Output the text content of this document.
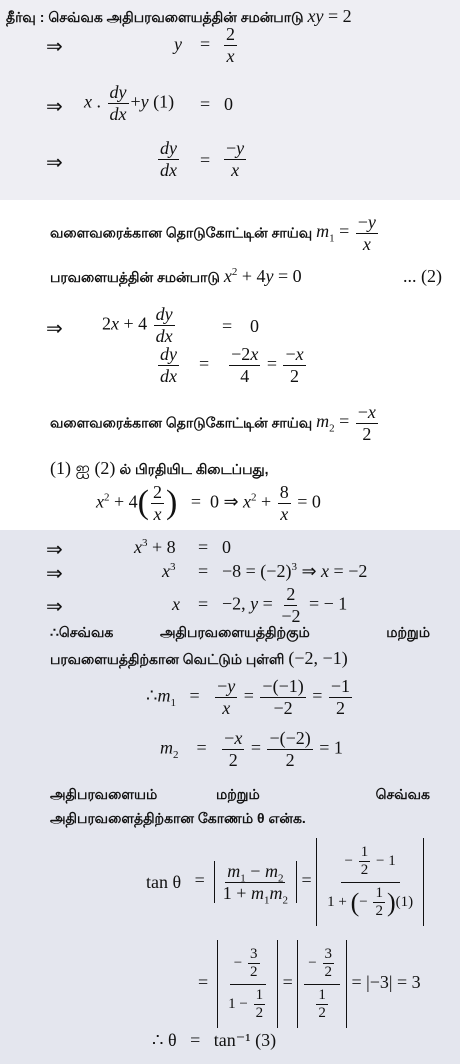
தீர்வு : செவ்வக அதிபரவளையத்தின் சமன்பாடு xy = 2
⇒	$y = \frac{2}{x}$
⇒ x . $\frac{dy}{dx} +y$ (1) = 0
⇒	$\frac{dy}{dx} = \frac{-y}{x}$
வளைவரைக்கான தொடுகோட்டின் சாய்வு $m_1 = \frac{-y}{x}$
பரவளையத்தின் சமன்பாடு $x^2 + 4y = 0$	... (2)
⇒ $2x + 4 \frac{dy}{dx}$	= 0
$\frac{dy}{dx} = \frac{-2x}{4} = \frac{-x}{2}$
வளைவரைக்கான தொடுகோட்டின் சாய்வு $m_2 = \frac{-x}{2}$
(1) ஐ (2) ல் பிரதியிட கிடைப்பது,
$x^2 + 4( \frac{2}{x}$ )   =  0 ⇒ $x^2 + \frac{8}{x} = 0$
⇒	$x^3 + 8 = 0$
⇒	$x^3 = -8 = (-2)^3$ ⇒ x = −2
⇒	x = −2, $y = \frac{2}{-2}$ = − 1
∴செவ்வக	அதிபரவளையத்திற்கும்	மற்றும்
பரவளையத்திற்கான வெட்டும் புள்ளி (−2, −1)
$\therefore m_1 = \frac{-y}{x} = \frac{-(-1)}{-2} = \frac{-1}{2}$
$m_2$    = $\frac{-x}{2} = \frac{-(-2)}{2} = 1$
அதிபரவளையம்	மற்றும்	செவ்வக
அதிபரவளைத்திற்கான கோணம் θ என்க.
$\tan \theta = \frac{m_1 - m_2}{1 + m_1m_2} = \frac{- \frac{1}{2} - 1}{1 + (- \frac{1}{2} )(1)}$
= $\frac{- \frac{3}{2}}{1 - \frac{1}{2}} = \frac{- \frac{3}{2}}{\frac{1}{2}} = |-3| = 3$
∴ θ   =   tan⁻¹ (3)
